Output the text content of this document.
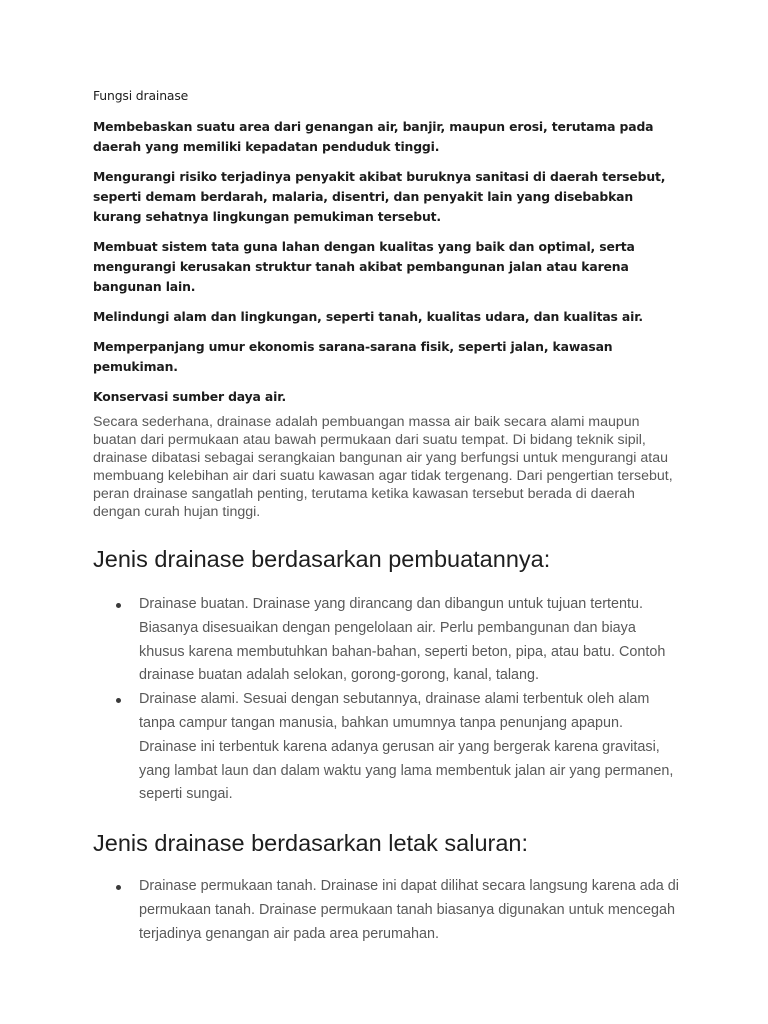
Fungsi drainase

Membebaskan suatu area dari genangan air, banjir, maupun erosi, terutama pada daerah yang memiliki kepadatan penduduk tinggi.

Mengurangi risiko terjadinya penyakit akibat buruknya sanitasi di daerah tersebut, seperti demam berdarah, malaria, disentri, dan penyakit lain yang disebabkan kurang sehatnya lingkungan pemukiman tersebut.

Membuat sistem tata guna lahan dengan kualitas yang baik dan optimal, serta mengurangi kerusakan struktur tanah akibat pembangunan jalan atau karena bangunan lain.

Melindungi alam dan lingkungan, seperti tanah, kualitas udara, dan kualitas air.

Memperpanjang umur ekonomis sarana-sarana fisik, seperti jalan, kawasan pemukiman.

Konservasi sumber daya air.

Secara sederhana, drainase adalah pembuangan massa air baik secara alami maupun buatan dari permukaan atau bawah permukaan dari suatu tempat. Di bidang teknik sipil, drainase dibatasi sebagai serangkaian bangunan air yang berfungsi untuk mengurangi atau membuang kelebihan air dari suatu kawasan agar tidak tergenang. Dari pengertian tersebut, peran drainase sangatlah penting, terutama ketika kawasan tersebut berada di daerah dengan curah hujan tinggi.

Jenis drainase berdasarkan pembuatannya:
Drainase buatan. Drainase yang dirancang dan dibangun untuk tujuan tertentu. Biasanya disesuaikan dengan pengelolaan air. Perlu pembangunan dan biaya khusus karena membutuhkan bahan-bahan, seperti beton, pipa, atau batu. Contoh drainase buatan adalah selokan, gorong-gorong, kanal, talang.
Drainase alami. Sesuai dengan sebutannya, drainase alami terbentuk oleh alam tanpa campur tangan manusia, bahkan umumnya tanpa penunjang apapun. Drainase ini terbentuk karena adanya gerusan air yang bergerak karena gravitasi, yang lambat laun dan dalam waktu yang lama membentuk jalan air yang permanen, seperti sungai.
Jenis drainase berdasarkan letak saluran:
Drainase permukaan tanah. Drainase ini dapat dilihat secara langsung karena ada di permukaan tanah. Drainase permukaan tanah biasanya digunakan untuk mencegah terjadinya genangan air pada area perumahan.
